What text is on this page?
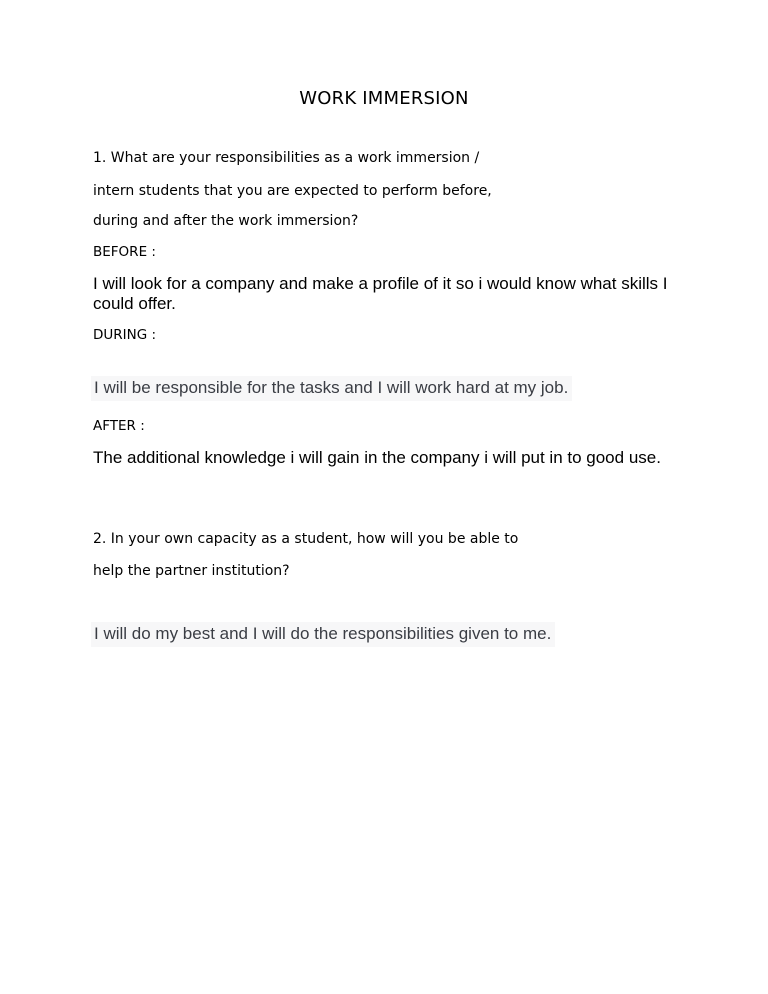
WORK IMMERSION
1. What are your responsibilities as a work immersion /
intern students that you are expected to perform before,
during and after the work immersion?
BEFORE :
I will look for a company and make a profile of it so i would know what skills I could offer.
DURING :
I will be responsible for the tasks and I will work hard at my job.
AFTER :
The additional knowledge i will gain in the company i will put in to good use.
2. In your own capacity as a student, how will you be able to
help the partner institution?
I will do my best and I will do the responsibilities given to me.
